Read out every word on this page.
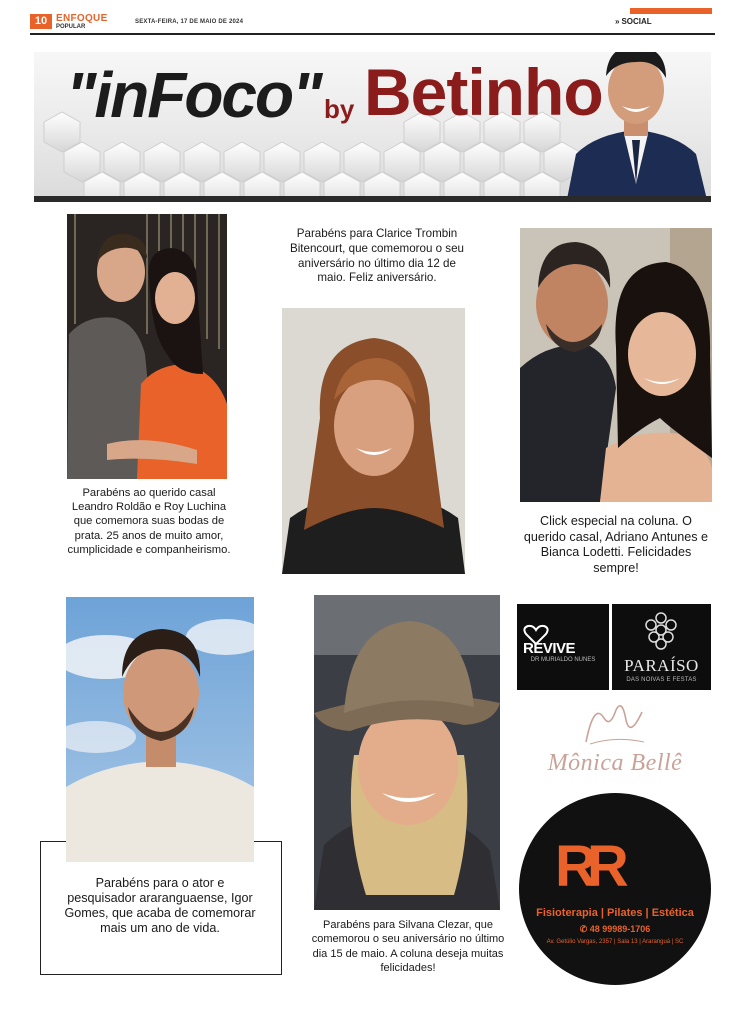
10 ENFOQUE
POPULAR
SEXTA-FEIRA, 17 DE MAIO DE 2024	» SOCIAL
"inFoco" by Betinho
Parabéns ao querido casal Leandro Roldão e Roy Luchina que comemora suas bodas de prata. 25 anos de muito amor, cumplicidade e companheirismo.
Parabéns para Clarice Trombin Bitencourt, que comemorou o seu aniversário no último dia 12 de maio. Feliz aniversário.
Click especial na coluna. O querido casal, Adriano Antunes e Bianca Lodetti. Felicidades sempre!
Parabéns para o ator e pesquisador araranguaense, Igor Gomes, que acaba de comemorar mais um ano de vida.	Parabéns para Silvana Clezar, que comemorou o seu aniversário no último dia 15 de maio. A coluna deseja muitas felicidades!
REVIVE
DR MURIALDO NUNES	PARAÍSO
DAS NOIVAS E FESTAS
Mônica Bellê
RR
Fisioterapia | Pilates | Estética
✆ 48 99989-1706
Av. Getúlio Vargas, 2357 | Sala 13 | Araranguá | SC
